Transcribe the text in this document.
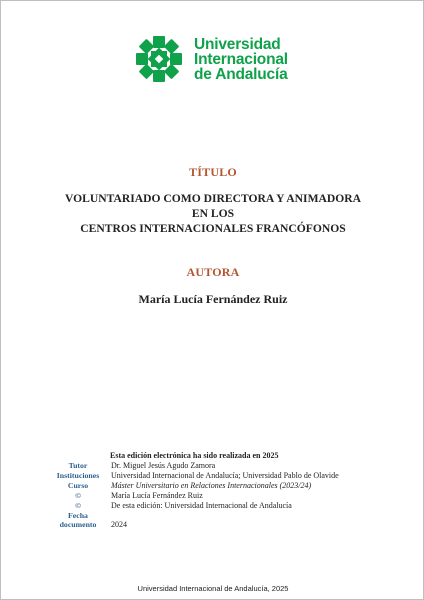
Universidad
Internacional
de Andalucía
TÍTULO
VOLUNTARIADO COMO DIRECTORA Y ANIMADORA EN LOS
CENTROS INTERNACIONALES FRANCÓFONOS
AUTORA
María Lucía Fernández Ruiz
Esta edición electrónica ha sido realizada en 2025
Tutor	Dr. Miguel Jesús Agudo Zamora
Instituciones	Universidad Internacional de Andalucía; Universidad Pablo de Olavide
Curso	Máster Universitario en Relaciones Internacionales (2023/24)
©	María Lucía Fernández Ruiz
©	De esta edición: Universidad Internacional de Andalucía
Fecha documento	2024
Universidad Internacional de Andalucía, 2025
